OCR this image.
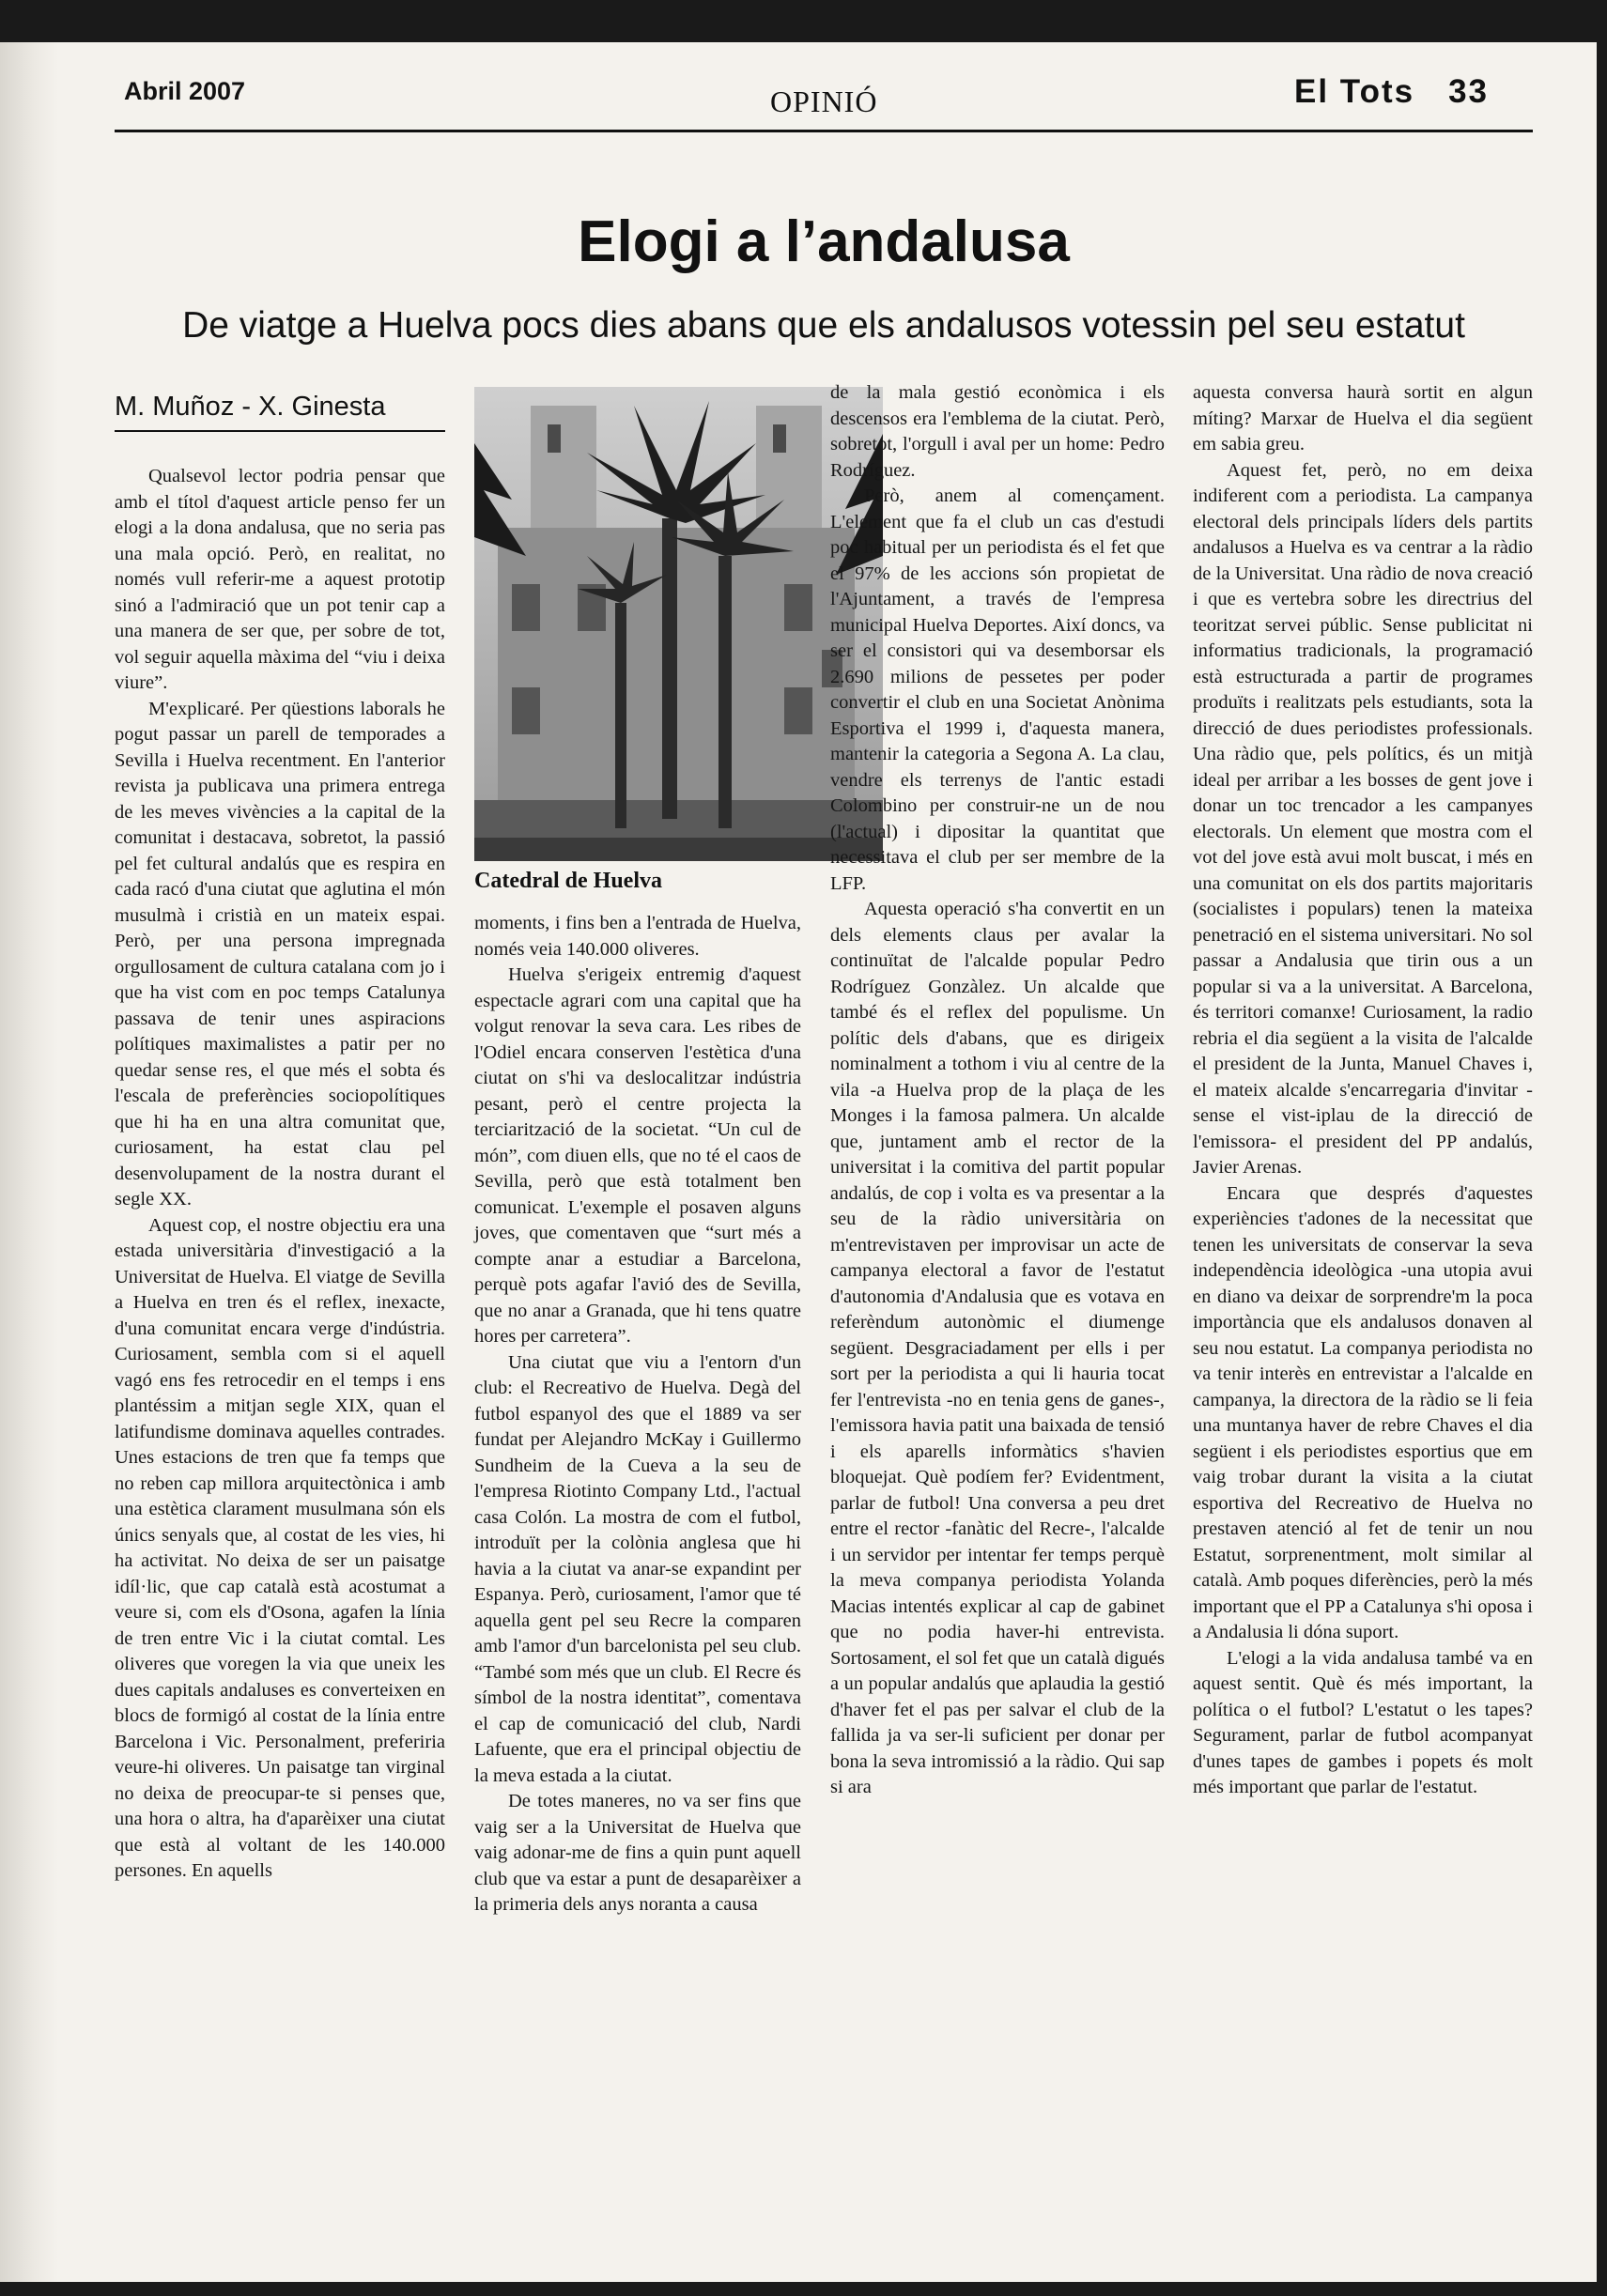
Abril 2007	OPINIÓ	El Tots 33
Elogi a l’andalusa
De viatge a Huelva pocs dies abans que els andalusos votessin pel seu estatut
M. Muñoz - X. Ginesta

Qualsevol lector podria pensar que amb el títol d'aquest article penso fer un elogi a la dona andalusa, que no seria pas una mala opció. Però, en realitat, no només vull referir-me a aquest prototip sinó a l'admiració que un pot tenir cap a una manera de ser que, per sobre de tot, vol seguir aquella màxima del “viu i deixa viure”.

M'explicaré. Per qüestions laborals he pogut passar un parell de temporades a Sevilla i Huelva recentment. En l'anterior revista ja publicava una primera entrega de les meves vivències a la capital de la comunitat i destacava, sobretot, la passió pel fet cultural andalús que es respira en cada racó d'una ciutat que aglutina el món musulmà i cristià en un mateix espai. Però, per una persona impregnada orgullosament de cultura catalana com jo i que ha vist com en poc temps Catalunya passava de tenir unes aspiracions polítiques maximalistes a patir per no quedar sense res, el que més el sobta és l'escala de preferències sociopolítiques que hi ha en una altra comunitat que, curiosament, ha estat clau pel desenvolupament de la nostra durant el segle XX.

Aquest cop, el nostre objectiu era una estada universitària d'investigació a la Universitat de Huelva. El viatge de Sevilla a Huelva en tren és el reflex, inexacte, d'una comunitat encara verge d'indústria. Curiosament, sembla com si el aquell vagó ens fes retrocedir en el temps i ens plantéssim a mitjan segle XIX, quan el latifundisme dominava aquelles contrades. Unes estacions de tren que fa temps que no reben cap millora arquitectònica i amb una estètica clarament musulmana són els únics senyals que, al costat de les vies, hi ha activitat. No deixa de ser un paisatge idíl·lic, que cap català està acostumat a veure si, com els d'Osona, agafen la línia de tren entre Vic i la ciutat comtal. Les oliveres que voregen la via que uneix les dues capitals andaluses es converteixen en blocs de formigó al costat de la línia entre Barcelona i Vic. Personalment, preferiria veure-hi oliveres. Un paisatge tan virginal no deixa de preocupar-te si penses que, una hora o altra, ha d'aparèixer una ciutat que està al voltant de les 140.000 persones. En aquells

Catedral de Huelva

moments, i fins ben a l'entrada de Huelva, només veia 140.000 oliveres.

Huelva s'erigeix entremig d'aquest espectacle agrari com una capital que ha volgut renovar la seva cara. Les ribes de l'Odiel encara conserven l'estètica d'una ciutat on s'hi va deslocalitzar indústria pesant, però el centre projecta la terciarització de la societat. “Un cul de món”, com diuen ells, que no té el caos de Sevilla, però que està totalment ben comunicat. L'exemple el posaven alguns joves, que comentaven que “surt més a compte anar a estudiar a Barcelona, perquè pots agafar l'avió des de Sevilla, que no anar a Granada, que hi tens quatre hores per carretera”.

Una ciutat que viu a l'entorn d'un club: el Recreativo de Huelva. Degà del futbol espanyol des que el 1889 va ser fundat per Alejandro McKay i Guillermo Sundheim de la Cueva a la seu de l'empresa Riotinto Company Ltd., l'actual casa Colón. La mostra de com el futbol, introduït per la colònia anglesa que hi havia a la ciutat va anar-se expandint per Espanya. Però, curiosament, l'amor que té aquella gent pel seu Recre la comparen amb l'amor d'un barcelonista pel seu club. “També som més que un club. El Recre és símbol de la nostra identitat”, comentava el cap de comunicació del club, Nardi Lafuente, que era el principal objectiu de la meva estada a la ciutat.

De totes maneres, no va ser fins que vaig ser a la Universitat de Huelva que vaig adonar-me de fins a quin punt aquell club que va estar a punt de desaparèixer a la primeria dels anys noranta a causa

de la mala gestió econòmica i els descensos era l'emblema de la ciutat. Però, sobretot, l'orgull i aval per un home: Pedro Rodríguez.

Però, anem al començament. L'element que fa el club un cas d'estudi poc habitual per un periodista és el fet que el 97% de les accions són propietat de l'Ajuntament, a través de l'empresa municipal Huelva Deportes. Així doncs, va ser el consistori qui va desemborsar els 2.690 milions de pessetes per poder convertir el club en una Societat Anònima Esportiva el 1999 i, d'aquesta manera, mantenir la categoria a Segona A. La clau, vendre els terrenys de l'antic estadi Colombino per construir-ne un de nou (l'actual) i dipositar la quantitat que necessitava el club per ser membre de la LFP.

Aquesta operació s'ha convertit en un dels elements claus per avalar la continuïtat de l'alcalde popular Pedro Rodríguez Gonzàlez. Un alcalde que també és el reflex del populisme. Un polític dels d'abans, que es dirigeix nominalment a tothom i viu al centre de la vila -a Huelva prop de la plaça de les Monges i la famosa palmera. Un alcalde que, juntament amb el rector de la universitat i la comitiva del partit popular andalús, de cop i volta es va presentar a la seu de la ràdio universitària on m'entrevistaven per improvisar un acte de campanya electoral a favor de l'estatut d'autonomia d'Andalusia que es votava en referèndum autonòmic el diumenge següent. Desgraciadament per ells i per sort per la periodista a qui li hauria tocat fer l'entrevista -no en tenia gens de ganes-, l'emissora havia patit una baixada de tensió i els aparells informàtics s'havien bloquejat. Què podíem fer? Evidentment, parlar de futbol! Una conversa a peu dret entre el rector -fanàtic del Recre-, l'alcalde i un servidor per intentar fer temps perquè la meva companya periodista Yolanda Macias intentés explicar al cap de gabinet que no podia haver-hi entrevista. Sortosament, el sol fet que un català digués a un popular andalús que aplaudia la gestió d'haver fet el pas per salvar el club de la fallida ja va ser-li suficient per donar per bona la seva intromissió a la ràdio. Qui sap si ara

aquesta conversa haurà sortit en algun míting? Marxar de Huelva el dia següent em sabia greu.

Aquest fet, però, no em deixa indiferent com a periodista. La campanya electoral dels principals líders dels partits andalusos a Huelva es va centrar a la ràdio de la Universitat. Una ràdio de nova creació i que es vertebra sobre les directrius del teoritzat servei públic. Sense publicitat ni informatius tradicionals, la programació està estructurada a partir de programes produïts i realitzats pels estudiants, sota la direcció de dues periodistes professionals. Una ràdio que, pels polítics, és un mitjà ideal per arribar a les bosses de gent jove i donar un toc trencador a les campanyes electorals. Un element que mostra com el vot del jove està avui molt buscat, i més en una comunitat on els dos partits majoritaris (socialistes i populars) tenen la mateixa penetració en el sistema universitari. No sol passar a Andalusia que tirin ous a un popular si va a la universitat. A Barcelona, és territori comanxe! Curiosament, la radio rebria el dia següent a la visita de l'alcalde el president de la Junta, Manuel Chaves i, el mateix alcalde s'encarregaria d'invitar -sense el vist-iplau de la direcció de l'emissora- el president del PP andalús, Javier Arenas.

Encara que després d'aquestes experiències t'adones de la necessitat que tenen les universitats de conservar la seva independència ideològica -una utopia avui en diano va deixar de sorprendre'm la poca importància que els andalusos donaven al seu nou estatut. La companya periodista no va tenir interès en entrevistar a l'alcalde en campanya, la directora de la ràdio se li feia una muntanya haver de rebre Chaves el dia següent i els periodistes esportius que em vaig trobar durant la visita a la ciutat esportiva del Recreativo de Huelva no prestaven atenció al fet de tenir un nou Estatut, sorprenentment, molt similar al català. Amb poques diferències, però la més important que el PP a Catalunya s'hi oposa i a Andalusia li dóna suport.

L'elogi a la vida andalusa també va en aquest sentit. Què és més important, la política o el futbol? L'estatut o les tapes? Segurament, parlar de futbol acompanyat d'unes tapes de gambes i popets és molt més important que parlar de l'estatut.
